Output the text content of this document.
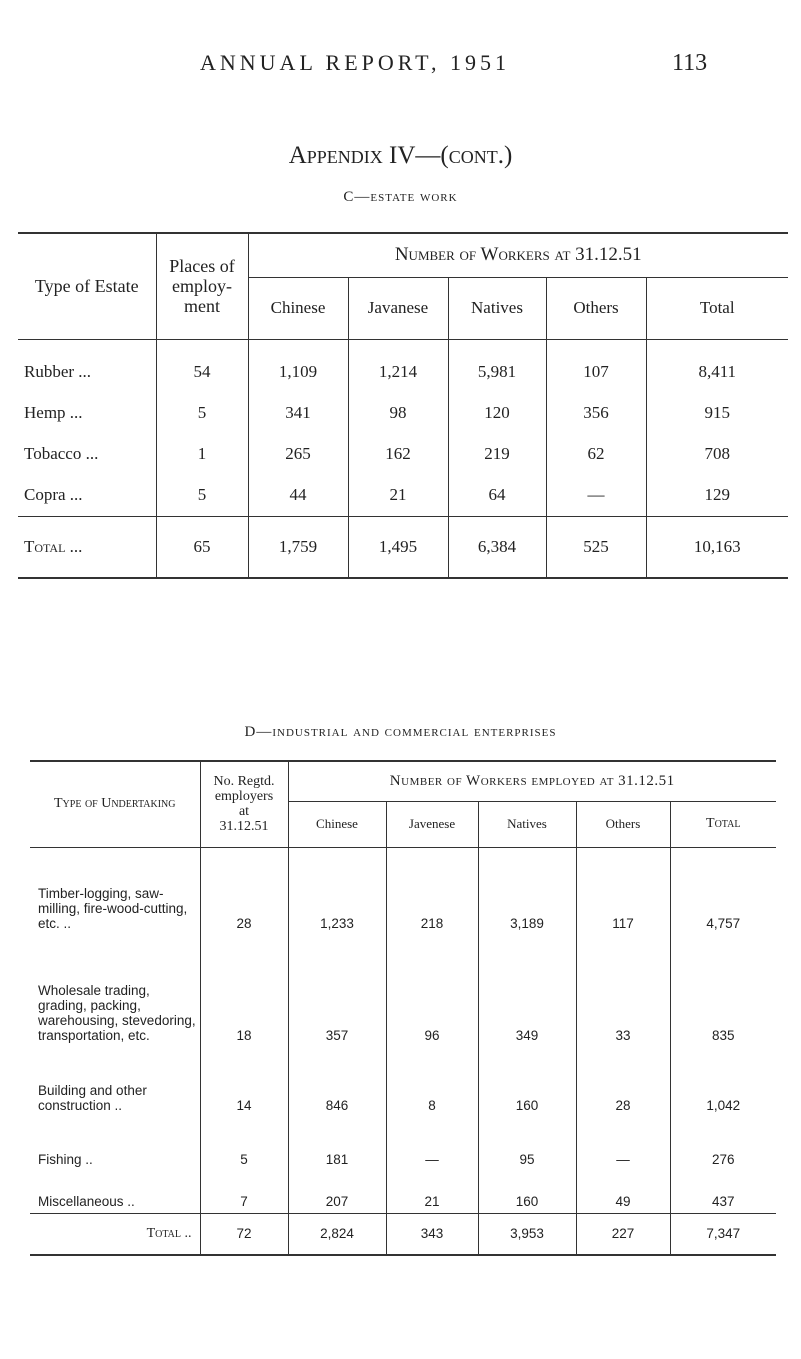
ANNUAL REPORT, 1951	113
Appendix IV—(cont.)
C—estate work
Type of Estate	Places of employ-ment	Number of Workers at 31.12.51				
		Chinese	Javanese	Natives	Others	Total
Rubber ...	54	1,109	1,214	5,981	107	8,411
Hemp ...	5	341	98	120	356	915
Tobacco ...	1	265	162	219	62	708
Copra ...	5	44	21	64	—	129
Total ...	65	1,759	1,495	6,384	525	10,163
D—industrial and commercial enterprises
Type of Undertaking	No. Regtd.
employers
at
31.12.51	Number of Workers employed at 31.12.51				
		Chinese	Javenese	Natives	Others	Total
Timber-logging, saw-milling, fire-wood-cutting, etc. ..	28	1,233	218	3,189	117	4,757
Wholesale trading, grading, packing, warehousing, stevedoring, transportation, etc.	18	357	96	349	33	835
Building and other construction ..	14	846	8	160	28	1,042
Fishing ..	5	181	—	95	—	276
Miscellaneous ..	7	207	21	160	49	437
Total ..	72	2,824	343	3,953	227	7,347
